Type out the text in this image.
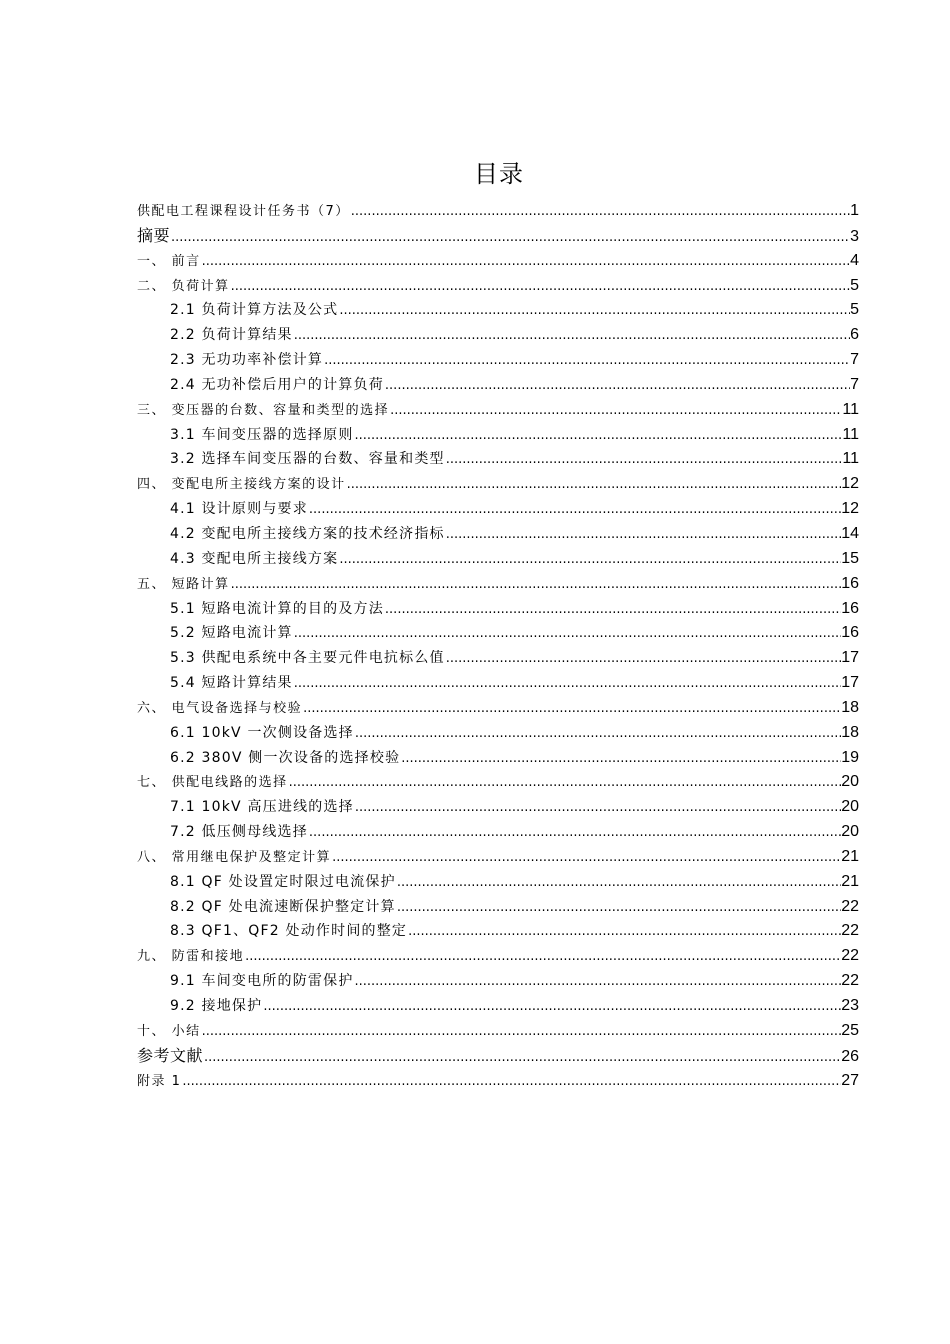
目录
供配电工程课程设计任务书（7） .....	1
摘要 .....	3
一、 前言 .....	4
二、 负荷计算 .....	5
2.1 负荷计算方法及公式 .....	5
2.2 负荷计算结果 .....	6
2.3 无功功率补偿计算 .....	7
2.4 无功补偿后用户的计算负荷 .....	7
三、 变压器的台数、容量和类型的选择 .....	11
3.1 车间变压器的选择原则 .....	11
3.2 选择车间变压器的台数、容量和类型 .....	11
四、 变配电所主接线方案的设计 .....	12
4.1 设计原则与要求 .....	12
4.2 变配电所主接线方案的技术经济指标 .....	14
4.3 变配电所主接线方案 .....	15
五、 短路计算 .....	16
5.1 短路电流计算的目的及方法 .....	16
5.2 短路电流计算 .....	16
5.3 供配电系统中各主要元件电抗标么值 .....	17
5.4 短路计算结果 .....	17
六、 电气设备选择与校验 .....	18
6.1 10kV 一次侧设备选择 .....	18
6.2 380V 侧一次设备的选择校验 .....	19
七、 供配电线路的选择 .....	20
7.1 10kV 高压进线的选择 .....	20
7.2 低压侧母线选择 .....	20
八、 常用继电保护及整定计算 .....	21
8.1 QF 处设置定时限过电流保护 .....	21
8.2 QF 处电流速断保护整定计算 .....	22
8.3 QF1、QF2 处动作时间的整定 .....	22
九、 防雷和接地 .....	22
9.1 车间变电所的防雷保护 .....	22
9.2 接地保护 .....	23
十、 小结 .....	25
参考文献 .....	26
附录 1 .....	27
